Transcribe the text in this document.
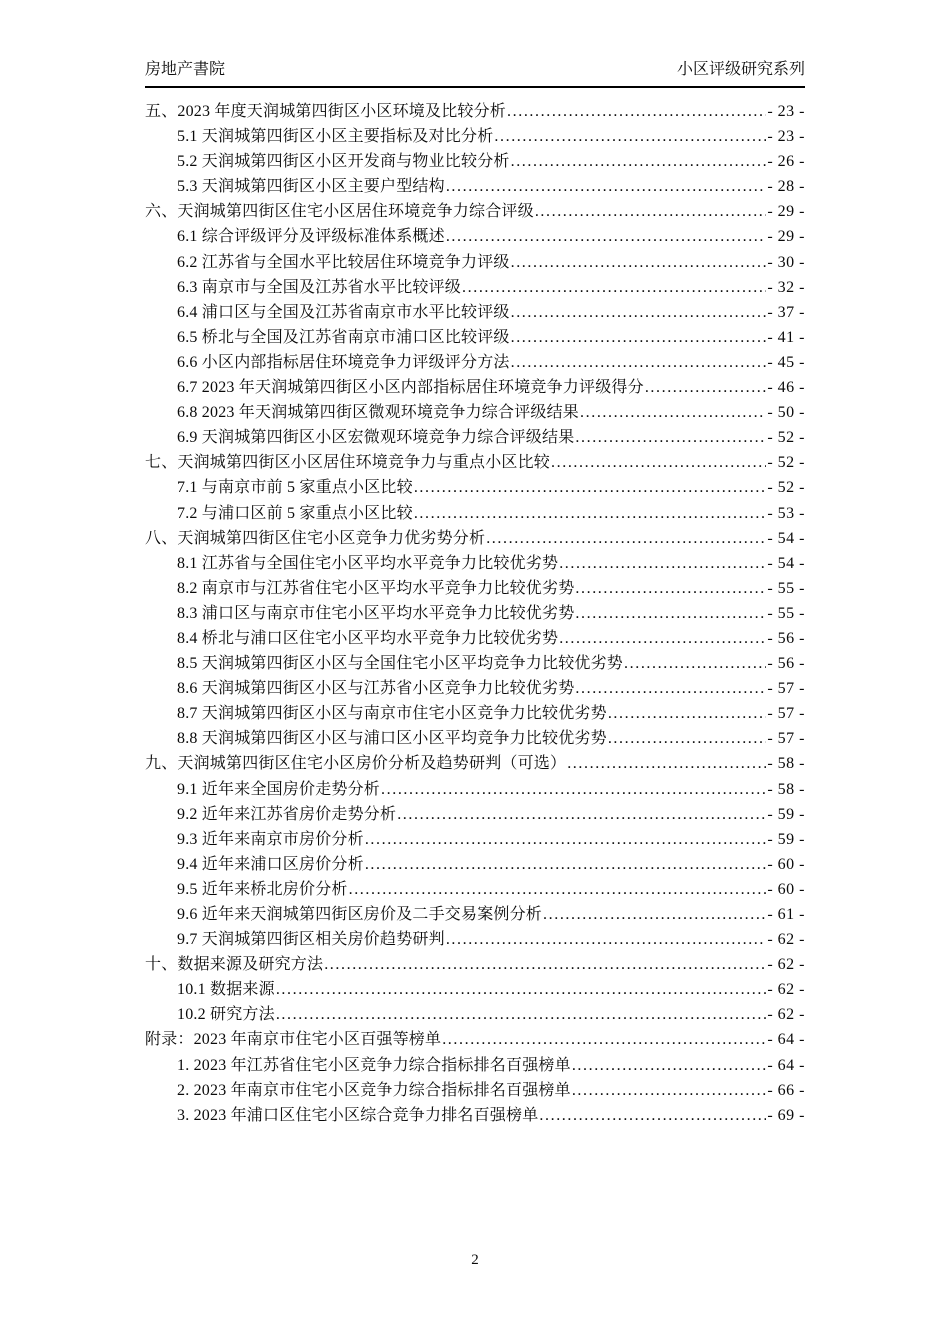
房地产書院	小区评级研究系列
五、2023 年度天润城第四街区小区环境及比较分析 .....	- 23 -
5.1 天润城第四街区小区主要指标及对比分析 .....	- 23 -
5.2 天润城第四街区小区开发商与物业比较分析 .....	- 26 -
5.3 天润城第四街区小区主要户型结构 .....	- 28 -
六、天润城第四街区住宅小区居住环境竞争力综合评级 .....	- 29 -
6.1 综合评级评分及评级标准体系概述 .....	- 29 -
6.2 江苏省与全国水平比较居住环境竞争力评级 .....	- 30 -
6.3 南京市与全国及江苏省水平比较评级 .....	- 32 -
6.4 浦口区与全国及江苏省南京市水平比较评级 .....	- 37 -
6.5 桥北与全国及江苏省南京市浦口区比较评级 .....	- 41 -
6.6 小区内部指标居住环境竞争力评级评分方法 .....	- 45 -
6.7 2023 年天润城第四街区小区内部指标居住环境竞争力评级得分 .....	- 46 -
6.8 2023 年天润城第四街区微观环境竞争力综合评级结果 .....	- 50 -
6.9 天润城第四街区小区宏微观环境竞争力综合评级结果 .....	- 52 -
七、天润城第四街区小区居住环境竞争力与重点小区比较 .....	- 52 -
7.1 与南京市前 5 家重点小区比较 .....	- 52 -
7.2 与浦口区前 5 家重点小区比较 .....	- 53 -
八、天润城第四街区住宅小区竞争力优劣势分析 .....	- 54 -
8.1 江苏省与全国住宅小区平均水平竞争力比较优劣势 .....	- 54 -
8.2 南京市与江苏省住宅小区平均水平竞争力比较优劣势 .....	- 55 -
8.3 浦口区与南京市住宅小区平均水平竞争力比较优劣势 .....	- 55 -
8.4 桥北与浦口区住宅小区平均水平竞争力比较优劣势 .....	- 56 -
8.5 天润城第四街区小区与全国住宅小区平均竞争力比较优劣势 .....	- 56 -
8.6 天润城第四街区小区与江苏省小区竞争力比较优劣势 .....	- 57 -
8.7 天润城第四街区小区与南京市住宅小区竞争力比较优劣势 .....	- 57 -
8.8 天润城第四街区小区与浦口区小区平均竞争力比较优劣势 .....	- 57 -
九、天润城第四街区住宅小区房价分析及趋势研判（可选） .....	- 58 -
9.1 近年来全国房价走势分析 .....	- 58 -
9.2 近年来江苏省房价走势分析 .....	- 59 -
9.3 近年来南京市房价分析 .....	- 59 -
9.4 近年来浦口区房价分析 .....	- 60 -
9.5 近年来桥北房价分析 .....	- 60 -
9.6 近年来天润城第四街区房价及二手交易案例分析 .....	- 61 -
9.7 天润城第四街区相关房价趋势研判 .....	- 62 -
十、数据来源及研究方法 .....	- 62 -
10.1 数据来源 .....	- 62 -
10.2 研究方法 .....	- 62 -
附录：2023 年南京市住宅小区百强等榜单 .....	- 64 -
1. 2023 年江苏省住宅小区竞争力综合指标排名百强榜单 .....	- 64 -
2. 2023 年南京市住宅小区竞争力综合指标排名百强榜单 .....	- 66 -
3. 2023 年浦口区住宅小区综合竞争力排名百强榜单 .....	- 69 -
2
